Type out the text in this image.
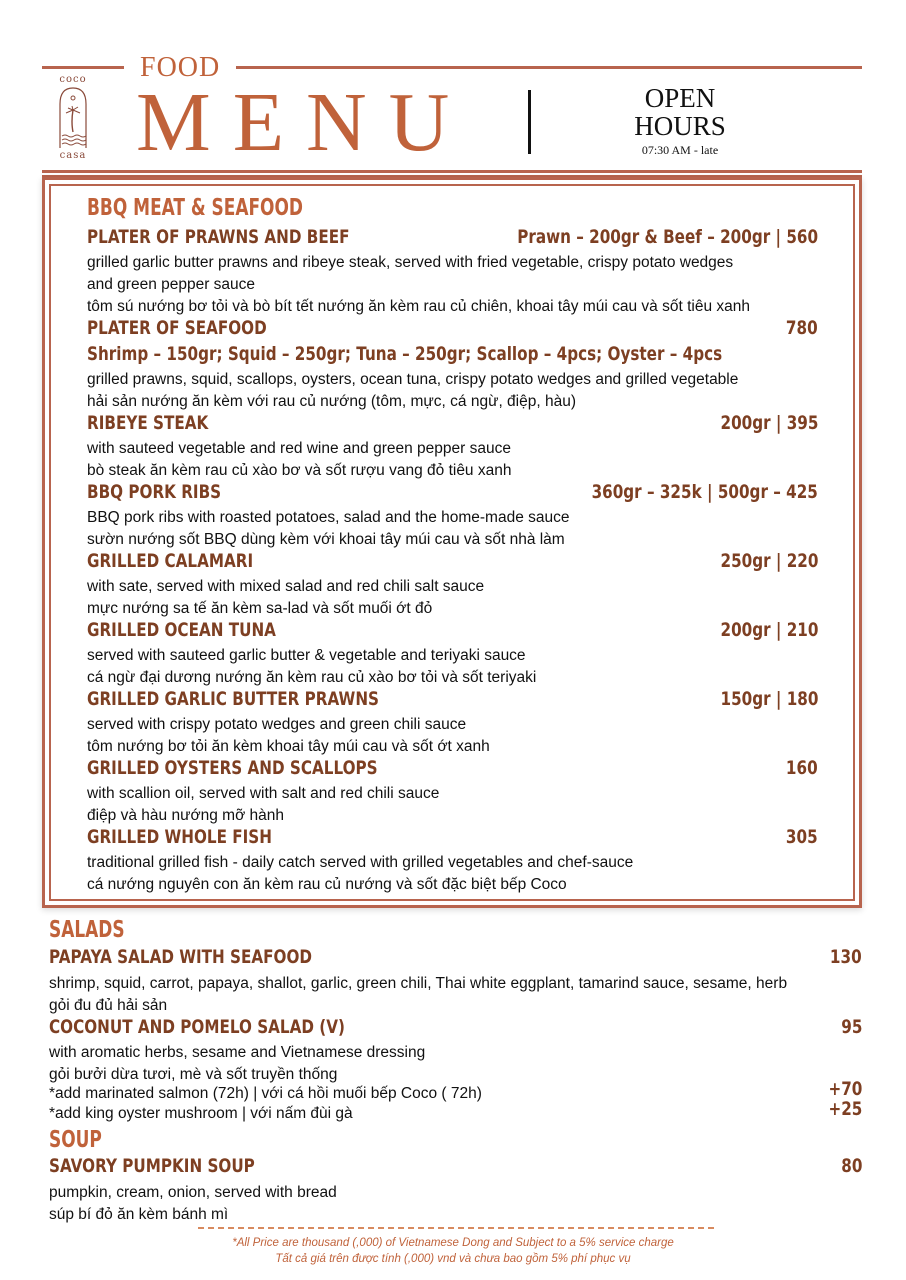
coco
casa
FOOD
MENU	OPEN
HOURS
07:30 AM - late
BBQ MEAT & SEAFOOD
PLATER OF PRAWNS AND BEEF	Prawn – 200gr & Beef – 200gr | 560
grilled garlic butter prawns and ribeye steak, served with fried vegetable, crispy potato wedges
and green pepper sauce
tôm sú nướng bơ tỏi và bò bít tết nướng ăn kèm rau củ chiên, khoai tây múi cau và sốt tiêu xanh
PLATER OF SEAFOOD	780
Shrimp – 150gr; Squid – 250gr; Tuna – 250gr; Scallop – 4pcs; Oyster – 4pcs
grilled prawns, squid, scallops, oysters, ocean tuna, crispy potato wedges and grilled vegetable
hải sản nướng ăn kèm với rau củ nướng (tôm, mực, cá ngừ, điệp, hàu)
RIBEYE STEAK	200gr | 395
with sauteed vegetable and red wine and green pepper sauce
bò steak ăn kèm rau củ xào bơ và sốt rượu vang đỏ tiêu xanh
BBQ PORK RIBS	360gr – 325k | 500gr – 425
BBQ pork ribs with roasted potatoes, salad and the home-made sauce
sườn nướng sốt BBQ dùng kèm với khoai tây múi cau và sốt nhà làm
GRILLED CALAMARI	250gr | 220
with sate, served with mixed salad and red chili salt sauce
mực nướng sa tế ăn kèm sa-lad và sốt muối ớt đỏ
GRILLED OCEAN TUNA	200gr | 210
served with sauteed garlic butter & vegetable and teriyaki sauce
cá ngừ đại dương nướng ăn kèm rau củ xào bơ tỏi và sốt teriyaki
GRILLED GARLIC BUTTER PRAWNS	150gr | 180
served with crispy potato wedges and green chili sauce
tôm nướng bơ tỏi ăn kèm khoai tây múi cau và sốt ớt xanh
GRILLED OYSTERS AND SCALLOPS	160
with scallion oil, served with salt and red chili sauce
điệp và hàu nướng mỡ hành
GRILLED WHOLE FISH	305
traditional grilled fish - daily catch served with grilled vegetables and chef-sauce
cá nướng nguyên con ăn kèm rau củ nướng và sốt đặc biệt bếp Coco
SALADS
PAPAYA SALAD WITH SEAFOOD	130
shrimp, squid, carrot, papaya, shallot, garlic, green chili, Thai white eggplant, tamarind sauce, sesame, herb
gỏi đu đủ hải sản
COCONUT AND POMELO SALAD (V)	95
with aromatic herbs, sesame and Vietnamese dressing
gỏi bưởi dừa tươi, mè và sốt truyền thống
*add marinated salmon (72h) | với cá hồi muối bếp Coco ( 72h)	+70
*add king oyster mushroom | với nấm đùi gà	+25
SOUP
SAVORY PUMPKIN SOUP	80
pumpkin, cream, onion, served with bread
súp bí đỏ ăn kèm bánh mì
*All Price are thousand (,000) of Vietnamese Dong and Subject to a 5% service charge
Tất cả giá trên được tính (,000) vnd và chưa bao gồm 5% phí phục vụ
